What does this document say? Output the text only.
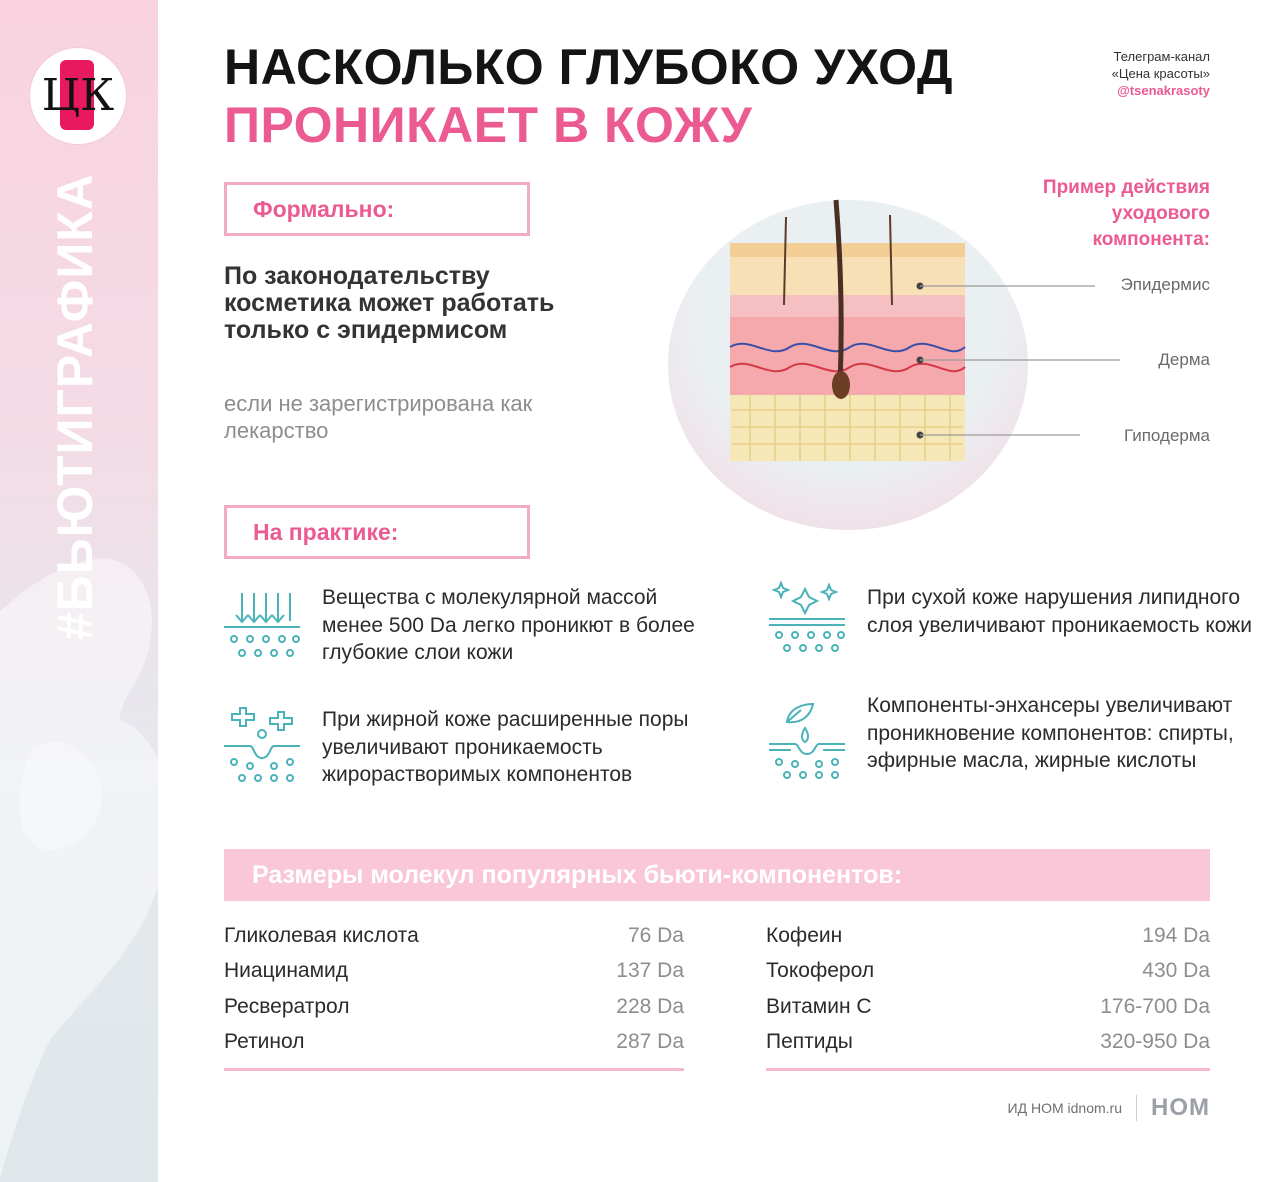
#БЬЮТИГРАФИКА
ЦК
НАСКОЛЬКО ГЛУБОКО УХОД
ПРОНИКАЕТ В КОЖУ
Телеграм-канал
«Цена красоты»
@tsenakrasoty
Формально:
По законодательству косметика может работать только с эпидермисом
если не зарегистрирована как лекарство
Пример действия уходового компонента:
Эпидермис
Дерма
Гиподерма
На практике:
Вещества с молекулярной массой менее 500 Da легко проникют в более глубокие слои кожи
При сухой коже нарушения липидного слоя увеличивают проникаемость кожи
При жирной коже расширенные поры увеличивают проникаемость жирорастворимых компонентов
Компоненты-энхансеры увеличивают проникновение компонентов: спирты, эфирные масла, жирные кислоты
Размеры молекул популярных бьюти-компонентов:
Гликолевая кислота	76 Da
Ниацинамид	137 Da
Ресвератрол	228 Da
Ретинол	287 Da
Кофеин	194 Da
Токоферол	430 Da
Витамин С	176-700 Da
Пептиды	320-950 Da
ИД НОМ idnom.ru НОМ
